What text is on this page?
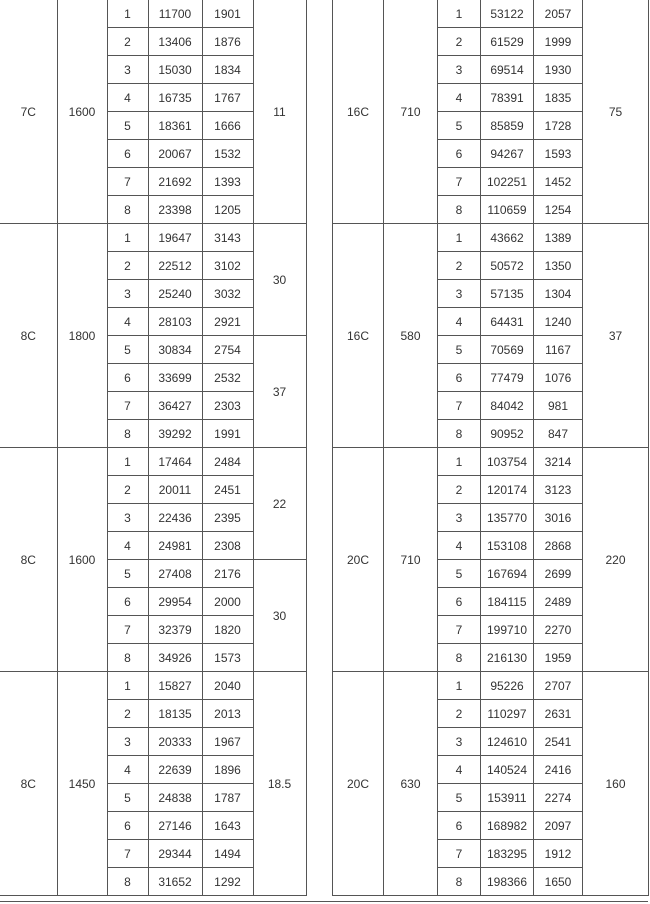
7C	1600	1	11700	1901	11
		2	13406	1876	
		3	15030	1834	
		4	16735	1767	
		5	18361	1666	
		6	20067	1532	
		7	21692	1393	
		8	23398	1205	
8C	1800	1	19647	3143	30
		2	22512	3102	
		3	25240	3032	
		4	28103	2921	
		5	30834	2754	37
		6	33699	2532	
		7	36427	2303	
		8	39292	1991	
8C	1600	1	17464	2484	22
		2	20011	2451	
		3	22436	2395	
		4	24981	2308	
		5	27408	2176	30
		6	29954	2000	
		7	32379	1820	
		8	34926	1573	
8C	1450	1	15827	2040	18.5
		2	18135	2013	
		3	20333	1967	
		4	22639	1896	
		5	24838	1787	
		6	27146	1643	
		7	29344	1494	
		8	31652	1292	
16C	710	1	53122	2057	75
		2	61529	1999	
		3	69514	1930	
		4	78391	1835	
		5	85859	1728	
		6	94267	1593	
		7	102251	1452	
		8	110659	1254	
16C	580	1	43662	1389	37
		2	50572	1350	
		3	57135	1304	
		4	64431	1240	
		5	70569	1167	
		6	77479	1076	
		7	84042	981	
		8	90952	847	
20C	710	1	103754	3214	220
		2	120174	3123	
		3	135770	3016	
		4	153108	2868	
		5	167694	2699	
		6	184115	2489	
		7	199710	2270	
		8	216130	1959	
20C	630	1	95226	2707	160
		2	110297	2631	
		3	124610	2541	
		4	140524	2416	
		5	153911	2274	
		6	168982	2097	
		7	183295	1912	
		8	198366	1650	
